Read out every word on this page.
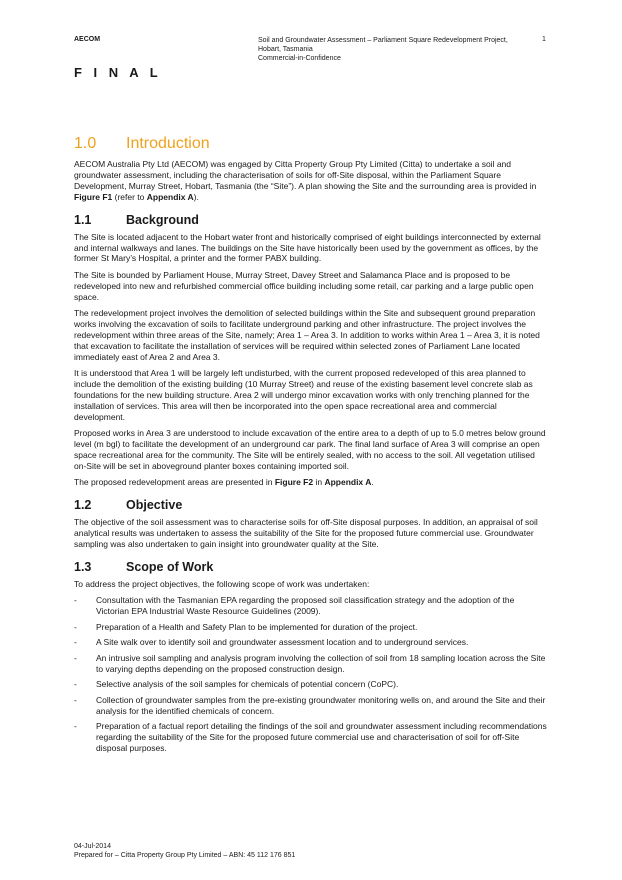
AECOM	Soil and Groundwater Assessment – Parliament Square Redevelopment Project,
Hobart, Tasmania
Commercial-in-Confidence
1
F I N A L
1.0	Introduction

AECOM Australia Pty Ltd (AECOM) was engaged by Citta Property Group Pty Limited (Citta) to undertake a soil and groundwater assessment, including the characterisation of soils for off-Site disposal, within the Parliament Square Development, Murray Street, Hobart, Tasmania (the “Site”). A plan showing the Site and the surrounding area is provided in Figure F1 (refer to Appendix A).

1.1	Background

The Site is located adjacent to the Hobart water front and historically comprised of eight buildings interconnected by external and internal walkways and lanes. The buildings on the Site have historically been used by the government as offices, by the former St Mary’s Hospital, a printer and the former PABX building.

The Site is bounded by Parliament House, Murray Street, Davey Street and Salamanca Place and is proposed to be redeveloped into new and refurbished commercial office building including some retail, car parking and a large public open space.

The redevelopment project involves the demolition of selected buildings within the Site and subsequent ground preparation works involving the excavation of soils to facilitate underground parking and other infrastructure. The project involves the redevelopment within three areas of the Site, namely; Area 1 – Area 3. In addition to works within Area 1 – Area 3, it is noted that excavation to facilitate the installation of services will be required within selected zones of Parliament Lane located immediately east of Area 2 and Area 3.

It is understood that Area 1 will be largely left undisturbed, with the current proposed redeveloped of this area planned to include the demolition of the existing building (10 Murray Street) and reuse of the existing basement level concrete slab as foundations for the new building structure. Area 2 will undergo minor excavation works with only trenching planned for the installation of services. This area will then be incorporated into the open space recreational area and commercial development.

Proposed works in Area 3 are understood to include excavation of the entire area to a depth of up to 5.0 metres below ground level (m bgl) to facilitate the development of an underground car park. The final land surface of Area 3 will comprise an open space recreational area for the community. The Site will be entirely sealed, with no access to the soil. All vegetation utilised on-Site will be set in aboveground planter boxes containing imported soil.

The proposed redevelopment areas are presented in Figure F2 in Appendix A.

1.2	Objective

The objective of the soil assessment was to characterise soils for off-Site disposal purposes. In addition, an appraisal of soil analytical results was undertaken to assess the suitability of the Site for the proposed future commercial use. Groundwater sampling was also undertaken to gain insight into groundwater quality at the Site.

1.3	Scope of Work

To address the project objectives, the following scope of work was undertaken:

-	Consultation with the Tasmanian EPA regarding the proposed soil classification strategy and the adoption of the Victorian EPA Industrial Waste Resource Guidelines (2009).
-	Preparation of a Health and Safety Plan to be implemented for duration of the project.
-	A Site walk over to identify soil and groundwater assessment location and to underground services.
-	An intrusive soil sampling and analysis program involving the collection of soil from 18 sampling location across the Site to varying depths depending on the proposed construction design.
-	Selective analysis of the soil samples for chemicals of potential concern (CoPC).
-	Collection of groundwater samples from the pre-existing groundwater monitoring wells on, and around the Site and their analysis for the identified chemicals of concern.
-	Preparation of a factual report detailing the findings of the soil and groundwater assessment including recommendations regarding the suitability of the Site for the proposed future commercial use and characterisation of soil for off-Site disposal purposes.
04-Jul-2014
Prepared for – Citta Property Group Pty Limited – ABN: 45 112 176 851
